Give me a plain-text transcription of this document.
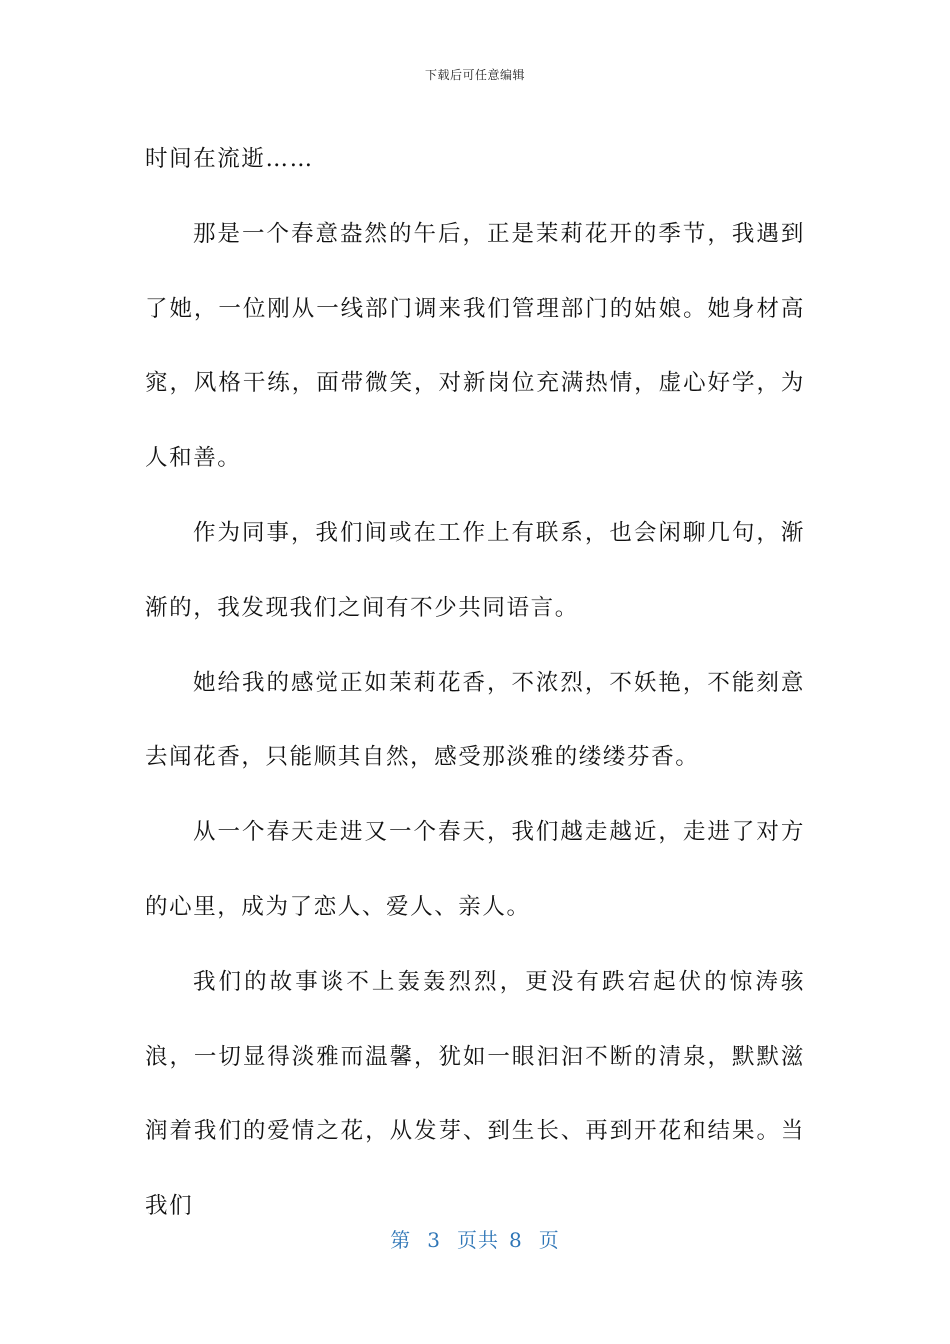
下载后可任意编辑

时间在流逝……

那是一个春意盎然的午后，正是茉莉花开的季节，我遇到了她，一位刚从一线部门调来我们管理部门的姑娘。她身材高窕，风格干练，面带微笑，对新岗位充满热情，虚心好学，为人和善。

作为同事，我们间或在工作上有联系，也会闲聊几句，渐渐的，我发现我们之间有不少共同语言。

她给我的感觉正如茉莉花香，不浓烈，不妖艳，不能刻意去闻花香，只能顺其自然，感受那淡雅的缕缕芬香。

从一个春天走进又一个春天，我们越走越近，走进了对方的心里，成为了恋人、爱人、亲人。

我们的故事谈不上轰轰烈烈，更没有跌宕起伏的惊涛骇浪，一切显得淡雅而温馨，犹如一眼汩汩不断的清泉，默默滋润着我们的爱情之花，从发芽、到生长、再到开花和结果。当我们

第 3 页共 8 页
